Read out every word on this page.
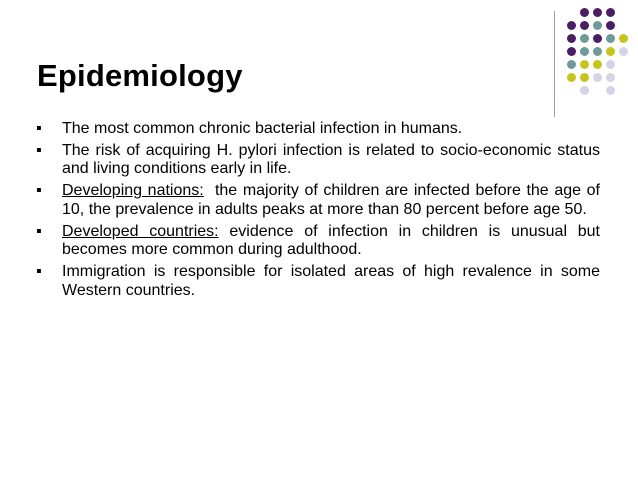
Epidemiology
▪ The most common chronic bacterial infection in humans.
▪ The risk of acquiring H. pylori infection is related to socio-economic status and living conditions early in life.
▪ Developing nations:  the majority of children are infected before the age of 10, the prevalence in adults peaks at more than 80 percent before age 50.
▪ Developed countries: evidence of infection in children is unusual but becomes more common during adulthood.
▪ Immigration is responsible for isolated areas of high revalence in some Western countries.
